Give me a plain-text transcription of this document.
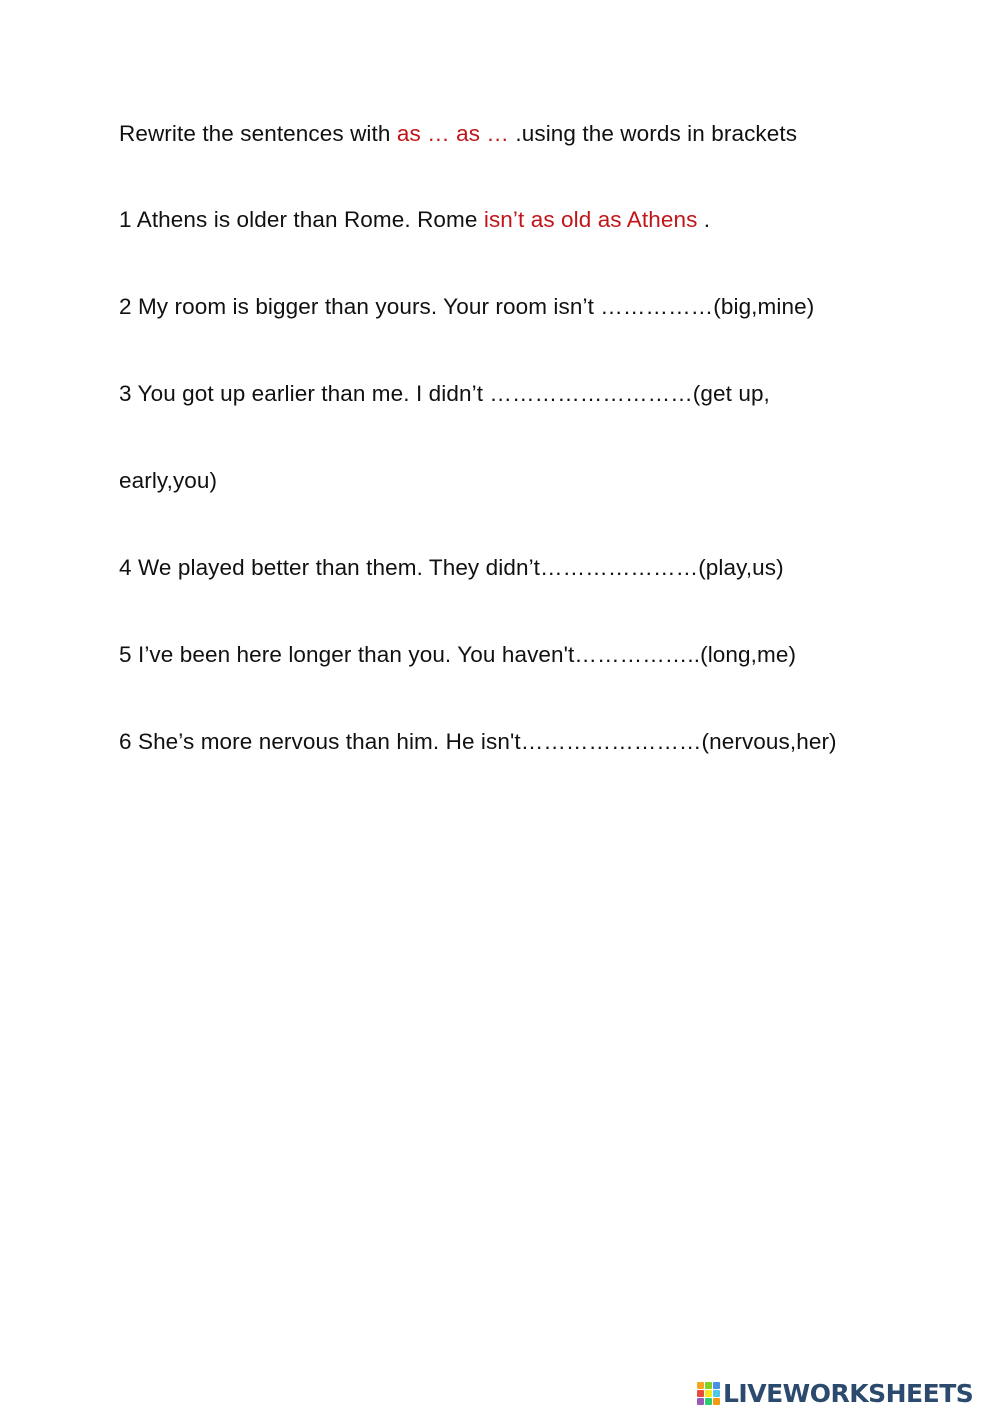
Rewrite the sentences with as … as … .using the words in brackets
1 Athens is older than Rome. Rome isn’t as old as Athens .
2 My room is bigger than yours. Your room isn’t ……………(big,mine)
3 You got up earlier than me. I didn’t ………………………(get up,
early,you)
4 We played better than them. They didn’t…………………(play,us)
5 I’ve been here longer than you. You haven't……………..(long,me)
6 She’s more nervous than him. He isn't……………………(nervous,her)
LIVEWORKSHEETS
